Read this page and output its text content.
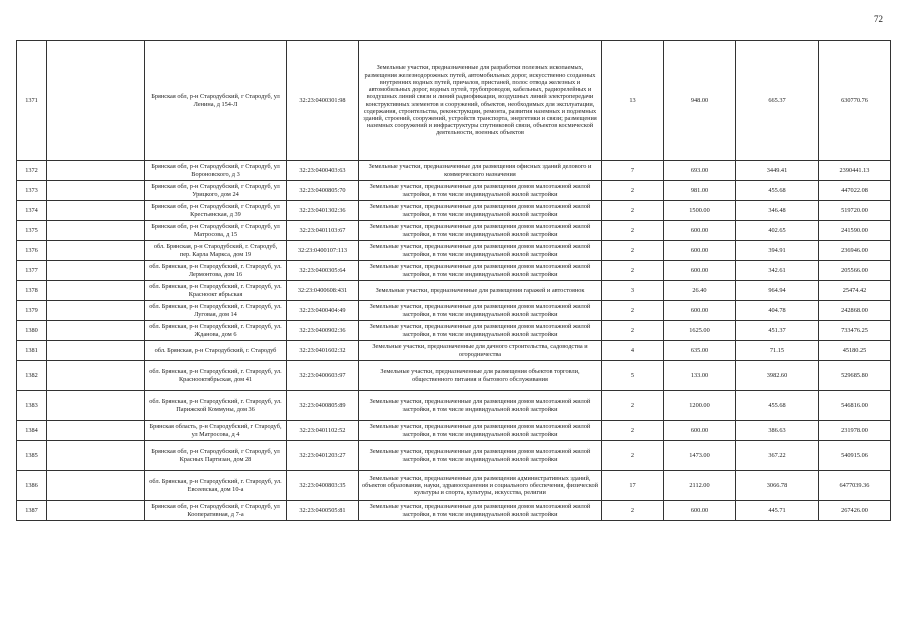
72
1371		Брянская обл, р-н Стародубский, г Стародуб, ул Ленина, д 154-Л	32:23:0400301:98	Земельные участки, предназначенные для разработки полезных ископаемых, размещения железнодорожных путей, автомобильных дорог, искусственно созданных внутренних водных путей, причалов, пристаней, полос отвода железных и автомобильных дорог, водных путей, трубопроводов, кабельных, радиорелейных и воздушных линий связи и линий радиофикации, воздушных линий электропередачи конструктивных элементов и сооружений, объектов, необходимых для эксплуатации, содержания, строительства, реконструкции, ремонта, развития наземных и подземных зданий, строений, сооружений, устройств транспорта, энергетики и связи; размещения наземных сооружений и инфраструктуры спутниковой связи, объектов космической деятельности, военных объектов	13	948.00	665.37	630770.76
1372		Брянская обл, р-н Стародубский, г Стародуб, ул Вороновского, д 3	32:23:0400403:63	Земельные участки, предназначенные для размещения офисных зданий делового и коммерческого назначения	7	693.00	3449.41	2390441.13
1373		Брянская обл, р-н Стародубский, г Стародуб, ул Урицкого, дом 24	32:23:0400805:70	Земельные участки, предназначенные для размещения домов малоэтажной жилой застройки, в том числе индивидуальной жилой застройки	2	981.00	455.68	447022.08
1374		Брянская обл, р-н Стародубский, г Стародуб, ул Крестьянская, д 39	32:23:0401302:36	Земельные участки, предназначенные для размещения домов малоэтажной жилой застройки, в том числе индивидуальной жилой застройки	2	1500.00	346.48	519720.00
1375		Брянская обл, р-н Стародубский, г Стародуб, ул Матросова, д 15	32:23:0401103:67	Земельные участки, предназначенные для размещения домов малоэтажной жилой застройки, в том числе индивидуальной жилой застройки	2	600.00	402.65	241590.00
1376		обл. Брянская, р-н Стародубский, г. Стародуб, пер. Карла Маркса, дом 19	32:23:0400107:113	Земельные участки, предназначенные для размещения домов малоэтажной жилой застройки, в том числе индивидуальной жилой застройки	2	600.00	394.91	236946.00
1377		обл. Брянская, р-н Стародубский, г. Стародуб, ул. Лермонтова, дом 16	32:23:0400305:64	Земельные участки, предназначенные для размещения домов малоэтажной жилой застройки, в том числе индивидуальной жилой застройки	2	600.00	342.61	205566.00
1378		обл. Брянская, р-н Стародубский, г. Стародуб, ул. Красноокт ябрьская	32:23:0400608:431	Земельные участки, предназначенные для размещения гаражей и автостоянок	3	26.40	964.94	25474.42
1379		обл. Брянская, р-н Стародубский, г. Стародуб, ул. Луговая, дом 14	32:23:0400404:49	Земельные участки, предназначенные для размещения домов малоэтажной жилой застройки, в том числе индивидуальной жилой застройки	2	600.00	404.78	242868.00
1380		обл. Брянская, р-н Стародубский, г. Стародуб, ул. Жданова, дом 6	32:23:0400902:36	Земельные участки, предназначенные для размещения домов малоэтажной жилой застройки, в том числе индивидуальной жилой застройки	2	1625.00	451.37	733476.25
1381		обл. Брянская, р-н Стародубский, г. Стародуб	32:23:0401602:32	Земельные участки, предназначенные для дачного строительства, садоводства и огородничества	4	635.00	71.15	45180.25
1382		обл. Брянская, р-н Стародубский, г. Стародуб, ул. Краснооктябрьская, дом 41	32:23:0400603:97	Земельные участки, предназначенные для размещения объектов торговли, общественного питания и бытового обслуживания	5	133.00	3982.60	529685.80
1383		обл. Брянская, р-н Стародубский, г. Стародуб, ул. Парижской Коммуны, дом 36	32:23:0400805:89	Земельные участки, предназначенные для размещения домов малоэтажной жилой застройки, в том числе индивидуальной жилой застройки	2	1200.00	455.68	546816.00
1384		Брянская область, р-н Стародубский, г Стародуб, ул Матросова, д 4	32:23:0401102:52	Земельные участки, предназначенные для размещения домов малоэтажной жилой застройки, в том числе индивидуальной жилой застройки	2	600.00	386.63	231978.00
1385		Брянская обл, р-н Стародубский, г Стародуб, ул Красных Партизан, дом 28	32:23:0401203:27	Земельные участки, предназначенные для размещения домов малоэтажной жилой застройки, в том числе индивидуальной жилой застройки	2	1473.00	367.22	540915.06
1386		обл. Брянская, р-н Стародубский, г. Стародуб, ул. Евсеевская, дом 10-а	32:23:0400803:35	Земельные участки, предназначенные для размещения административных зданий, объектов образования, науки, здравоохранения и социального обеспечения, физической культуры и спорта, культуры, искусства, религии	17	2112.00	3066.78	6477039.36
1387		Брянская обл, р-н Стародубский, г Стародуб, ул Кооперативная, д 7-а	32:23:0400505:81	Земельные участки, предназначенные для размещения домов малоэтажной жилой застройки, в том числе индивидуальной жилой застройки	2	600.00	445.71	267426.00
